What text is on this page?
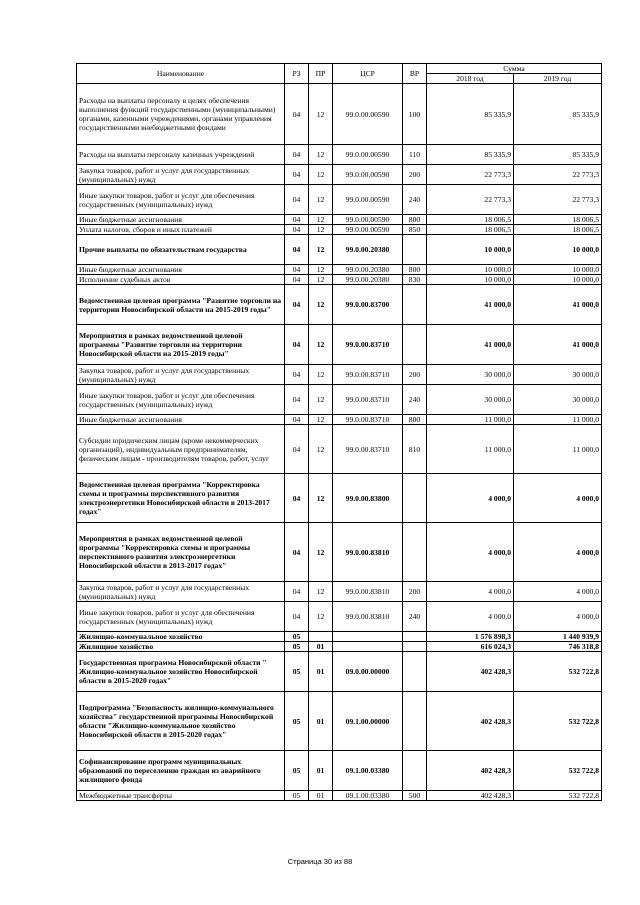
Наименование	РЗ	ПР	ЦСР	ВР	Сумма	
					2018 год	2019 год
Расходы на выплаты персоналу в целях обеспечения выполнения функций государственными (муниципальными) органами, казенными учреждениями, органами управления государственными внебюджетными фондами	04	12	99.0.00.00590	100	85 335,9	85 335,9
Расходы на выплаты персоналу казенных учреждений	04	12	99.0.00.00590	110	85 335,9	85 335,9
Закупка товаров, работ и услуг для государственных (муниципальных) нужд	04	12	99.0.00.00590	200	22 773,3	22 773,3
Иные закупки товаров, работ и услуг для обеспечения государственных (муниципальных) нужд	04	12	99.0.00.00590	240	22 773,3	22 773,3
Иные бюджетные ассигнования	04	12	99.0.00.00590	800	18 006,5	18 006,5
Уплата налогов, сборов и иных платежей	04	12	99.0.00.00590	850	18 006,5	18 006,5
Прочие выплаты по обязательствам государства	04	12	99.0.00.20380		10 000,0	10 000,0
Иные бюджетные ассигнования	04	12	99.0.00.20380	800	10 000,0	10 000,0
Исполнение судебных актов	04	12	99.0.00.20380	830	10 000,0	10 000,0
Ведомственная целевая программа "Развитие торговли на территории Новосибирской области на 2015-2019 годы"	04	12	99.0.00.83700		41 000,0	41 000,0
Мероприятия в рамках ведомственной целевой программы "Развитие торговли на территории Новосибирской области на 2015-2019 годы"	04	12	99.0.00.83710		41 000,0	41 000,0
Закупка товаров, работ и услуг для государственных (муниципальных) нужд	04	12	99.0.00.83710	200	30 000,0	30 000,0
Иные закупки товаров, работ и услуг для обеспечения государственных (муниципальных) нужд	04	12	99.0.00.83710	240	30 000,0	30 000,0
Иные бюджетные ассигнования	04	12	99.0.00.83710	800	11 000,0	11 000,0
Субсидии юридическим лицам (кроме некоммерческих организаций), индивидуальным предпринимателям, физическим лицам - производителям товаров, работ, услуг	04	12	99.0.00.83710	810	11 000,0	11 000,0
Ведомственная целевая программа "Корректировка схемы и программы перспективного развития электроэнергетики Новосибирской области в 2013-2017 годах"	04	12	99.0.00.83800		4 000,0	4 000,0
Мероприятия в рамках ведомственной целевой программы "Корректировка схемы и программы перспективного развития электроэнергетики Новосибирской области в 2013-2017 годах"	04	12	99.0.00.83810		4 000,0	4 000,0
Закупка товаров, работ и услуг для государственных (муниципальных) нужд	04	12	99.0.00.83810	200	4 000,0	4 000,0
Иные закупки товаров, работ и услуг для обеспечения государственных (муниципальных) нужд	04	12	99.0.00.83810	240	4 000,0	4 000,0
Жилищно-коммунальное хозяйство	05				1 576 898,3	1 440 939,9
Жилищное хозяйство	05	01			616 024,3	746 318,8
Государственная программа Новосибирской области " Жилищно-коммунальное хозяйство Новосибирской области в 2015-2020 годах"	05	01	09.0.00.00000		402 428,3	532 722,8
Подпрограмма "Безопасность жилищно-коммунального хозяйства" государственной программы Новосибирской области "Жилищно-коммунальное хозяйство Новосибирской области в 2015-2020 годах"	05	01	09.1.00.00000		402 428,3	532 722,8
Софинансирование программ муниципальных образований по переселению граждан из аварийного жилищного фонда	05	01	09.1.00.03380		402 428,3	532 722,8
Межбюджетные трансферты	05	01	09.1.00.03380	500	402 428,3	532 722,8
Страница 30 из 88
